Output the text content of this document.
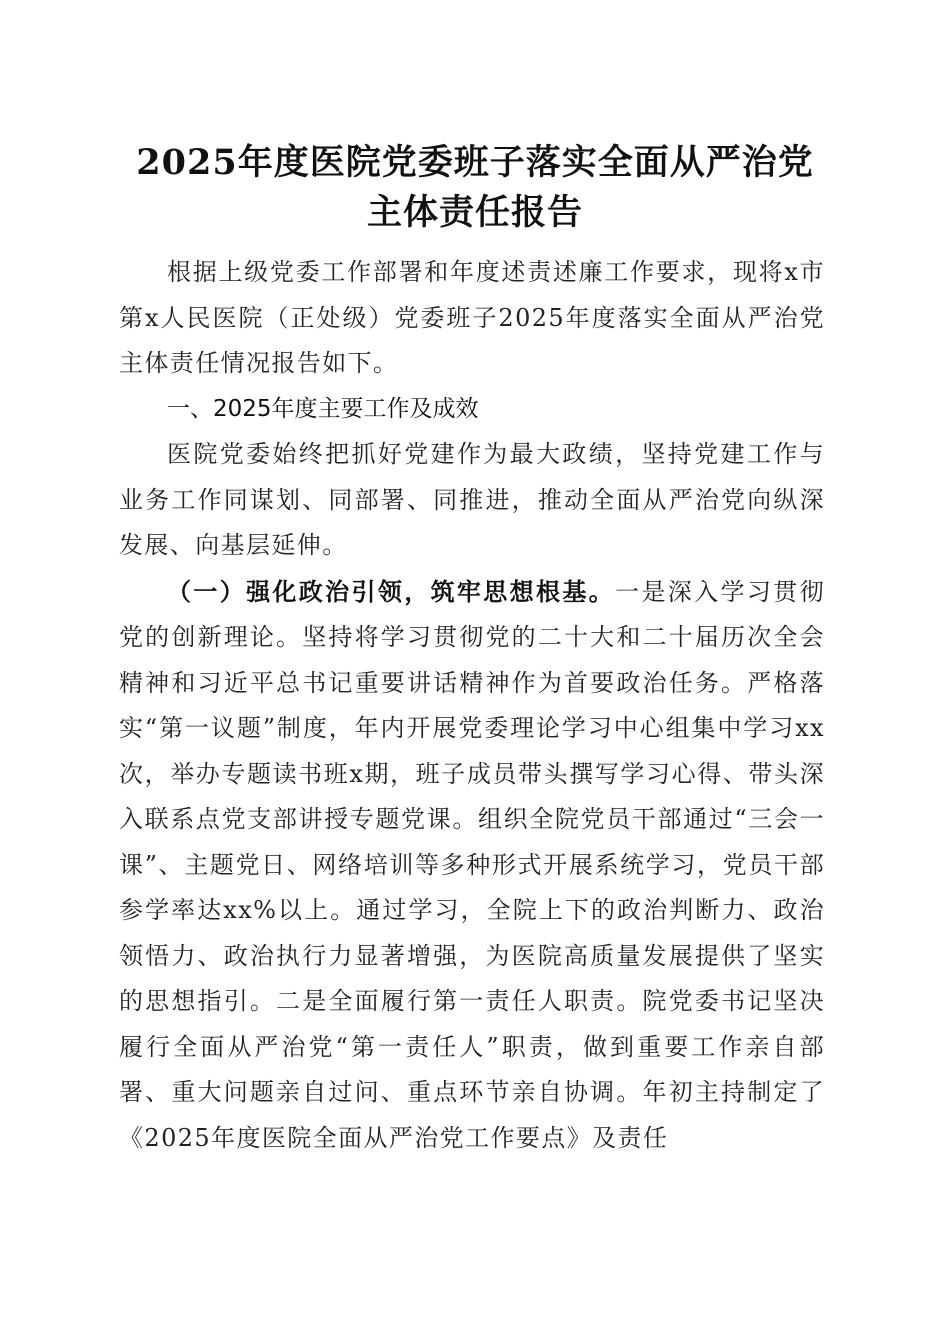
2025年度医院党委班子落实全面从严治党主体责任报告

根据上级党委工作部署和年度述责述廉工作要求，现将x市第x人民医院（正处级）党委班子2025年度落实全面从严治党主体责任情况报告如下。

一、2025年度主要工作及成效

医院党委始终把抓好党建作为最大政绩，坚持党建工作与业务工作同谋划、同部署、同推进，推动全面从严治党向纵深发展、向基层延伸。

（一）强化政治引领，筑牢思想根基。一是深入学习贯彻党的创新理论。坚持将学习贯彻党的二十大和二十届历次全会精神和习近平总书记重要讲话精神作为首要政治任务。严格落实“第一议题”制度，年内开展党委理论学习中心组集中学习xx次，举办专题读书班x期，班子成员带头撰写学习心得、带头深入联系点党支部讲授专题党课。组织全院党员干部通过“三会一课”、主题党日、网络培训等多种形式开展系统学习，党员干部参学率达xx%以上。通过学习，全院上下的政治判断力、政治领悟力、政治执行力显著增强，为医院高质量发展提供了坚实的思想指引。二是全面履行第一责任人职责。院党委书记坚决履行全面从严治党“第一责任人”职责，做到重要工作亲自部署、重大问题亲自过问、重点环节亲自协调。年初主持制定了《2025年度医院全面从严治党工作要点》及责任
